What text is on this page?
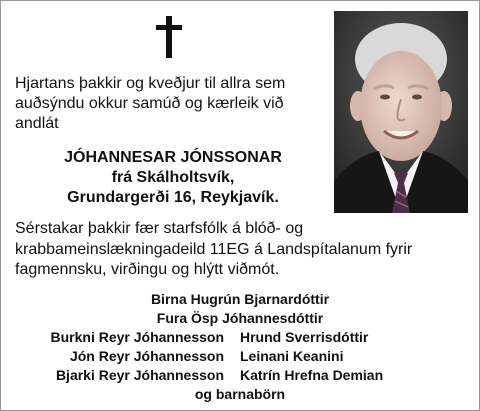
Hjartans þakkir og kveðjur til allra sem auðsýndu okkur samúð og kærleik við andlát
JÓHANNESAR JÓNSSONAR
frá Skálholtsvík,
Grundargerði 16, Reykjavík.
Sérstakar þakkir fær starfsfólk á blóð- og krabbameinslækningadeild 11EG á Landspítalanum fyrir fagmennsku, virðingu og hlýtt viðmót.
Birna Hugrún Bjarnardóttir
Fura Ösp Jóhannesdóttir
og barnabörn
Burkni Reyr Jóhannesson
Jón Reyr Jóhannesson
Bjarki Reyr Jóhannesson
Hrund Sverrisdóttir
Leinani Keanini
Katrín Hrefna Demian
